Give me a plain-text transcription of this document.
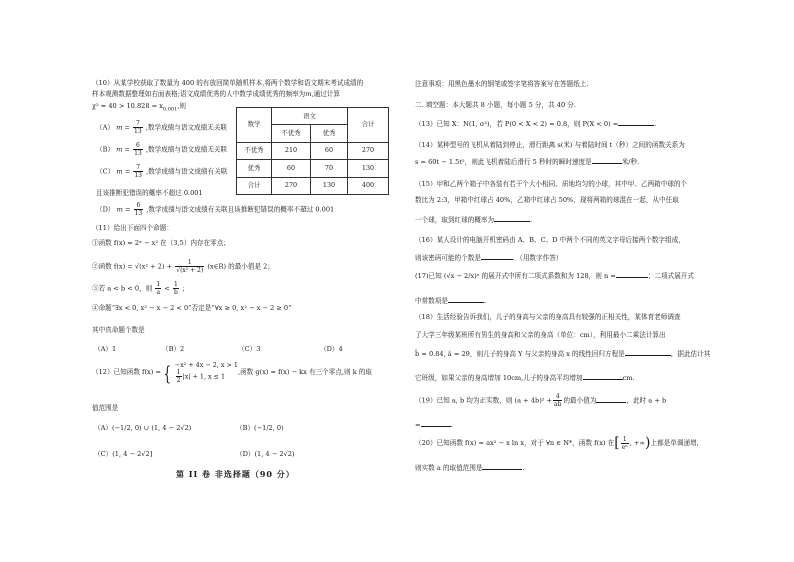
（10）从某学校获取了数量为 400 的有放回简单随机样本,将两个数学和语文期末考试成绩的
样本观测数据整理如右面表格;语文成绩优秀的人中数学成绩优秀的频率为m,通过计算
$\chi^2 \approx 40 > 10.828 = x_{0.001}$,则
（A） $m = \frac{7}{13}$ ,数学成绩与语文成绩无关联
（B） $m = \frac{6}{13}$ ,数学成绩与语文成绩无关联
（C） $m = \frac{7}{13}$ ,数学成绩与语文成绩有关联
且该推断犯错误的概率不超过 0.001
（D） $m = \frac{6}{13}$ ,数学成绩与语文成绩有关联且该推断犯错误的概率不超过 0.001
数学	语文		合计
	不优秀	优秀	
不优秀	210	60	270
优秀	60	70	130
合计	270	130	400
（11）给出下面四个命题：
①函数 f(x) = 2ˣ − x² 在（3,5）内存在零点；
②函数 $f(x) = √(x^2 + 2) + \frac{1}{\text{√(x² + 2)}}$ (x∈R) 的最小值是 2；
③若 a < b < 0，则 $\frac{1}{a} < \frac{1}{b}$ ；
④命题“∃x < 0, x² − x − 2 < 0”否定是“∀x ≥ 0, x² − x − 2 ≥ 0”
其中真命题个数是
（A）1	（B）2	（C）3	（D）4
（12）已知函数 f(x) = { −x² + 4x − 2, x > 1
$\frac{1}{2} |x| + 1$, x ≤ 1
,函数 g(x) = f(x) − kx 有三个零点,则 k 的取
值范围是
（A）(−1/2, 0) ∪ (1, 4 − 2√2)	（B）(−1/2, 0)
（C）(1, 4 − 2√2]	（D）(1, 4 − 2√2)
第 II 卷 非选择题（90 分）
注意事项：用黑色墨水的钢笔或签字笔将答案写在答题纸上.
二. 填空题：本大题共 8 小题，每小题 5 分，共 40 分.
（13）已知 X：N(1, σ²)，若 P(0 < X < 2) = 0.8，则 P(X < 0) =	.
（14）某种型号的飞机从着陆到停止，滑行距离 s(米) 与着陆时间 t（秒）之间的函数关系为
s = 60t − 1.5t²，则此飞机着陆后滑行 5 秒时的瞬时速度是	米/秒.
（15）甲和乙两个箱子中各装有若干个大小相同、质地均匀的小球，其中甲、乙两箱中球的个
数比为 2:3，甲箱中红球占 40%，乙箱中红球占 50%，现将两箱的球混在一起，从中任取
一个球，取到红球的概率为	.
（16）某人设计的电脑开机密码由 A、B、C、D 中两个不同的英文字母后接两个数字组成，
则该密码可能的个数是	．（用数字作答）
(17)已知 (√x − 2/x)ⁿ 的展开式中所有二项式系数和为 128，则 n =	；二项式展开式
中常数项是	.
（18）生活经验告诉我们，儿子的身高与父亲的身高具有较强的正相关性，某体育老师调查
了大学三年级某班所有男生的身高和父亲的身高（单位：cm），利用最小二乘法计算出
b̂ = 0.84, â = 29，则儿子的身高 Y 与父亲的身高 x 的线性回归方程是	，据此估计其
它班级，如果父亲的身高增加 10cm,儿子的身高平均增加	cm.
（19）已知 a, b 均为正实数，则 $(a + 4b)^2 + \frac{4}{ab}$ 的最小值为	，此时 a + b
=	.
（20）已知函数 f(x) = ax² − x ln x，对于 ∀n ∈ N*，函数 f(x) 在[ $\frac{1}{\text{eⁿ}}$ , +∞)上都是单调递增,
则实数 a 的取值范围是	.
